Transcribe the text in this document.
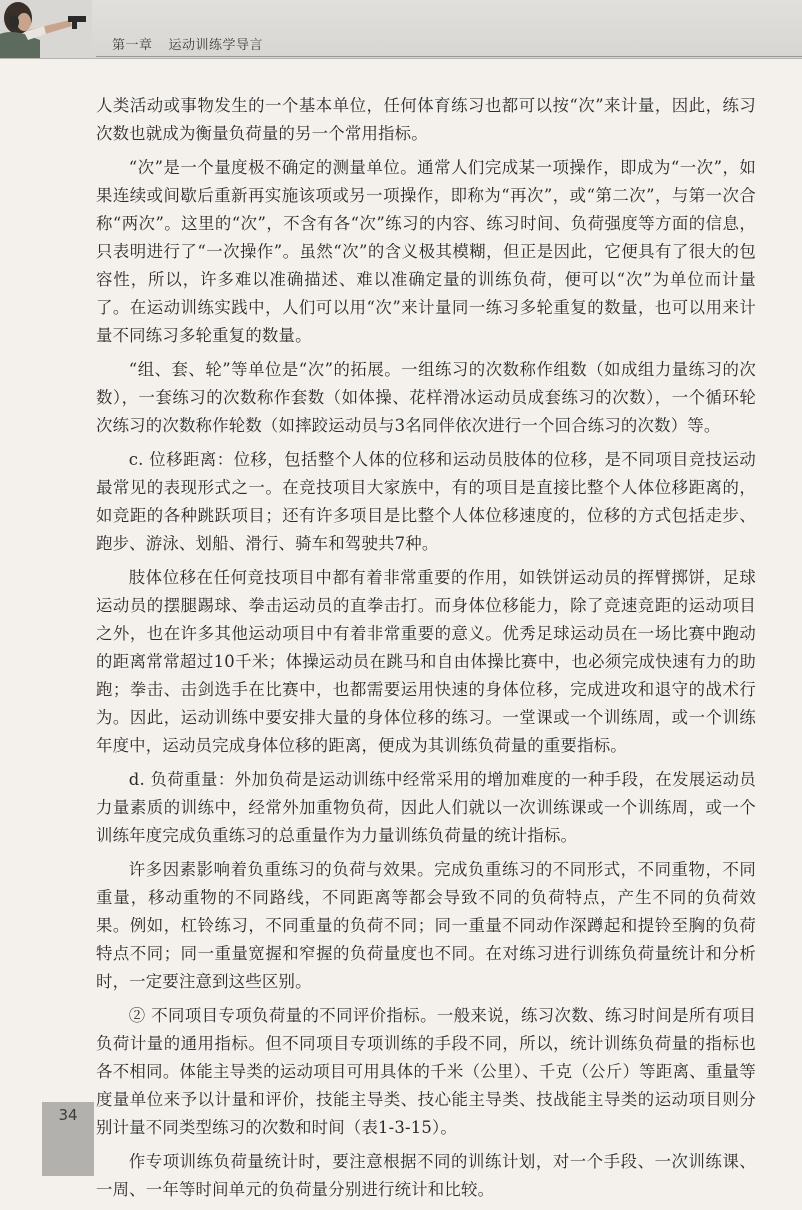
第一章 运动训练学导言

人类活动或事物发生的一个基本单位，任何体育练习也都可以按“次”来计量，因此，练习次数也就成为衡量负荷量的另一个常用指标。

“次”是一个量度极不确定的测量单位。通常人们完成某一项操作，即成为“一次”，如果连续或间歇后重新再实施该项或另一项操作，即称为“再次”，或“第二次”，与第一次合称“两次”。这里的“次”，不含有各“次”练习的内容、练习时间、负荷强度等方面的信息，只表明进行了“一次操作”。虽然“次”的含义极其模糊，但正是因此，它便具有了很大的包容性，所以，许多难以准确描述、难以准确定量的训练负荷，便可以“次”为单位而计量了。在运动训练实践中，人们可以用“次”来计量同一练习多轮重复的数量，也可以用来计量不同练习多轮重复的数量。

“组、套、轮”等单位是“次”的拓展。一组练习的次数称作组数（如成组力量练习的次数），一套练习的次数称作套数（如体操、花样滑冰运动员成套练习的次数），一个循环轮次练习的次数称作轮数（如摔跤运动员与3名同伴依次进行一个回合练习的次数）等。

c. 位移距离：位移，包括整个人体的位移和运动员肢体的位移，是不同项目竞技运动最常见的表现形式之一。在竞技项目大家族中，有的项目是直接比整个人体位移距离的，如竞距的各种跳跃项目；还有许多项目是比整个人体位移速度的，位移的方式包括走步、跑步、游泳、划船、滑行、骑车和驾驶共7种。

肢体位移在任何竞技项目中都有着非常重要的作用，如铁饼运动员的挥臂掷饼，足球运动员的摆腿踢球、拳击运动员的直拳击打。而身体位移能力，除了竞速竞距的运动项目之外，也在许多其他运动项目中有着非常重要的意义。优秀足球运动员在一场比赛中跑动的距离常常超过10千米；体操运动员在跳马和自由体操比赛中，也必须完成快速有力的助跑；拳击、击剑选手在比赛中，也都需要运用快速的身体位移，完成进攻和退守的战术行为。因此，运动训练中要安排大量的身体位移的练习。一堂课或一个训练周，或一个训练年度中，运动员完成身体位移的距离，便成为其训练负荷量的重要指标。

d. 负荷重量：外加负荷是运动训练中经常采用的增加难度的一种手段，在发展运动员力量素质的训练中，经常外加重物负荷，因此人们就以一次训练课或一个训练周，或一个训练年度完成负重练习的总重量作为力量训练负荷量的统计指标。

许多因素影响着负重练习的负荷与效果。完成负重练习的不同形式，不同重物，不同重量，移动重物的不同路线，不同距离等都会导致不同的负荷特点，产生不同的负荷效果。例如，杠铃练习，不同重量的负荷不同；同一重量不同动作深蹲起和提铃至胸的负荷特点不同；同一重量宽握和窄握的负荷量度也不同。在对练习进行训练负荷量统计和分析时，一定要注意到这些区别。

② 不同项目专项负荷量的不同评价指标。一般来说，练习次数、练习时间是所有项目负荷计量的通用指标。但不同项目专项训练的手段不同，所以，统计训练负荷量的指标也各不相同。体能主导类的运动项目可用具体的千米（公里）、千克（公斤）等距离、重量等度量单位来予以计量和评价，技能主导类、技心能主导类、技战能主导类的运动项目则分别计量不同类型练习的次数和时间（表1-3-15）。

作专项训练负荷量统计时，要注意根据不同的训练计划，对一个手段、一次训练课、一周、一年等时间单元的负荷量分别进行统计和比较。

34
